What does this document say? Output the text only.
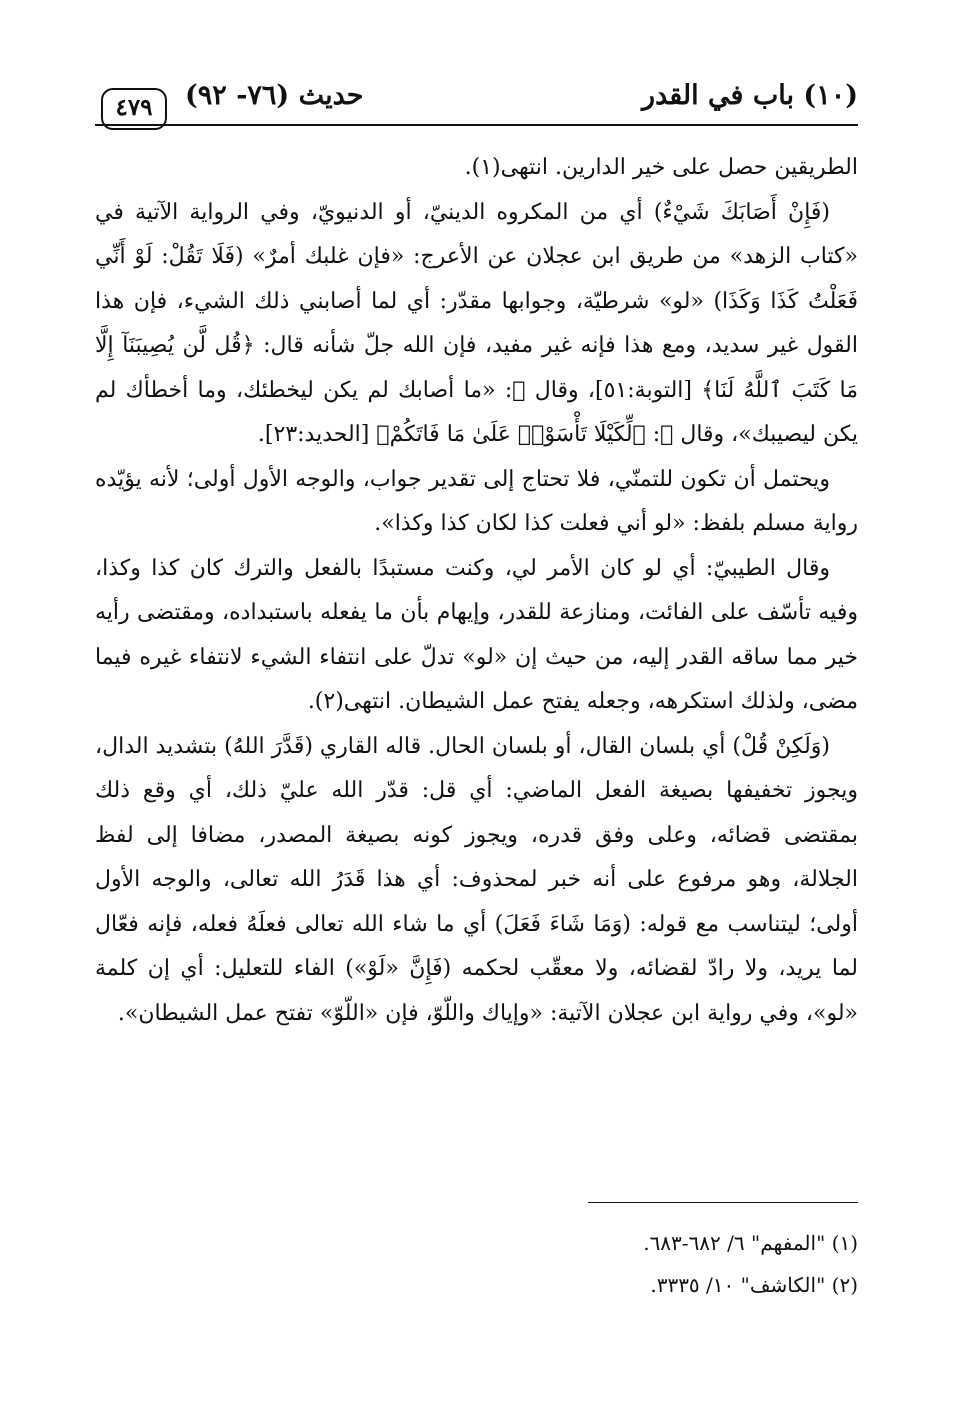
(١٠) باب في القدر
حديث (٧٦- ٩٢)
٤٧٩

الطريقين حصل على خير الدارين. انتهى(١).

(فَإِنْ أَصَابَكَ شَيْءٌ) أي من المكروه الدينيّ، أو الدنيويّ، وفي الرواية الآتية في «كتاب الزهد» من طريق ابن عجلان عن الأعرج: «فإن غلبك أمرٌ» (فَلَا تَقُلْ: لَوْ أَنِّي فَعَلْتُ كَذَا وَكَذَا) «لو» شرطيّة، وجوابها مقدّر: أي لما أصابني ذلك الشيء، فإن هذا القول غير سديد، ومع هذا فإنه غير مفيد، فإن الله جلّ شأنه قال: ﴿قُل لَّن يُصِيبَنَآ إِلَّا مَا كَتَبَ ٱللَّهُ لَنَا﴾ [التوبة:٥١]، وقال ﷺ: «ما أصابك لم يكن ليخطئك، وما أخطأك لم يكن ليصيبك»، وقال ﷻ: ﴿لِّكَيْلَا تَأْسَوْا۟ عَلَىٰ مَا فَاتَكُمْ﴾ [الحديد:٢٣].

ويحتمل أن تكون للتمنّي، فلا تحتاج إلى تقدير جواب، والوجه الأول أولى؛ لأنه يؤيّده رواية مسلم بلفظ: «لو أني فعلت كذا لكان كذا وكذا».

وقال الطيبيّ: أي لو كان الأمر لي، وكنت مستبدًا بالفعل والترك كان كذا وكذا، وفيه تأسّف على الفائت، ومنازعة للقدر، وإيهام بأن ما يفعله باستبداده، ومقتضى رأيه خير مما ساقه القدر إليه، من حيث إن «لو» تدلّ على انتفاء الشيء لانتفاء غيره فيما مضى، ولذلك استكرهه، وجعله يفتح عمل الشيطان. انتهى(٢).

(وَلَكِنْ قُلْ) أي بلسان القال، أو بلسان الحال. قاله القاري (قَدَّرَ اللهُ) بتشديد الدال، ويجوز تخفيفها بصيغة الفعل الماضي: أي قل: قدّر الله عليّ ذلك، أي وقع ذلك بمقتضى قضائه، وعلى وفق قدره، ويجوز كونه بصيغة المصدر، مضافا إلى لفظ الجلالة، وهو مرفوع على أنه خبر لمحذوف: أي هذا قَدَرُ الله تعالى، والوجه الأول أولى؛ ليتناسب مع قوله: (وَمَا شَاءَ فَعَلَ) أي ما شاء الله تعالى فعلَهُ فعله، فإنه فعّال لما يريد، ولا رادّ لقضائه، ولا معقّب لحكمه (فَإِنَّ «لَوْ») الفاء للتعليل: أي إن كلمة «لو»، وفي رواية ابن عجلان الآتية: «وإياك واللّوّ، فإن «اللّوّ» تفتح عمل الشيطان».

(١) "المفهم" ٦/ ٦٨٢-٦٨٣.
(٢) "الكاشف" ١٠/ ٣٣٣٥.
